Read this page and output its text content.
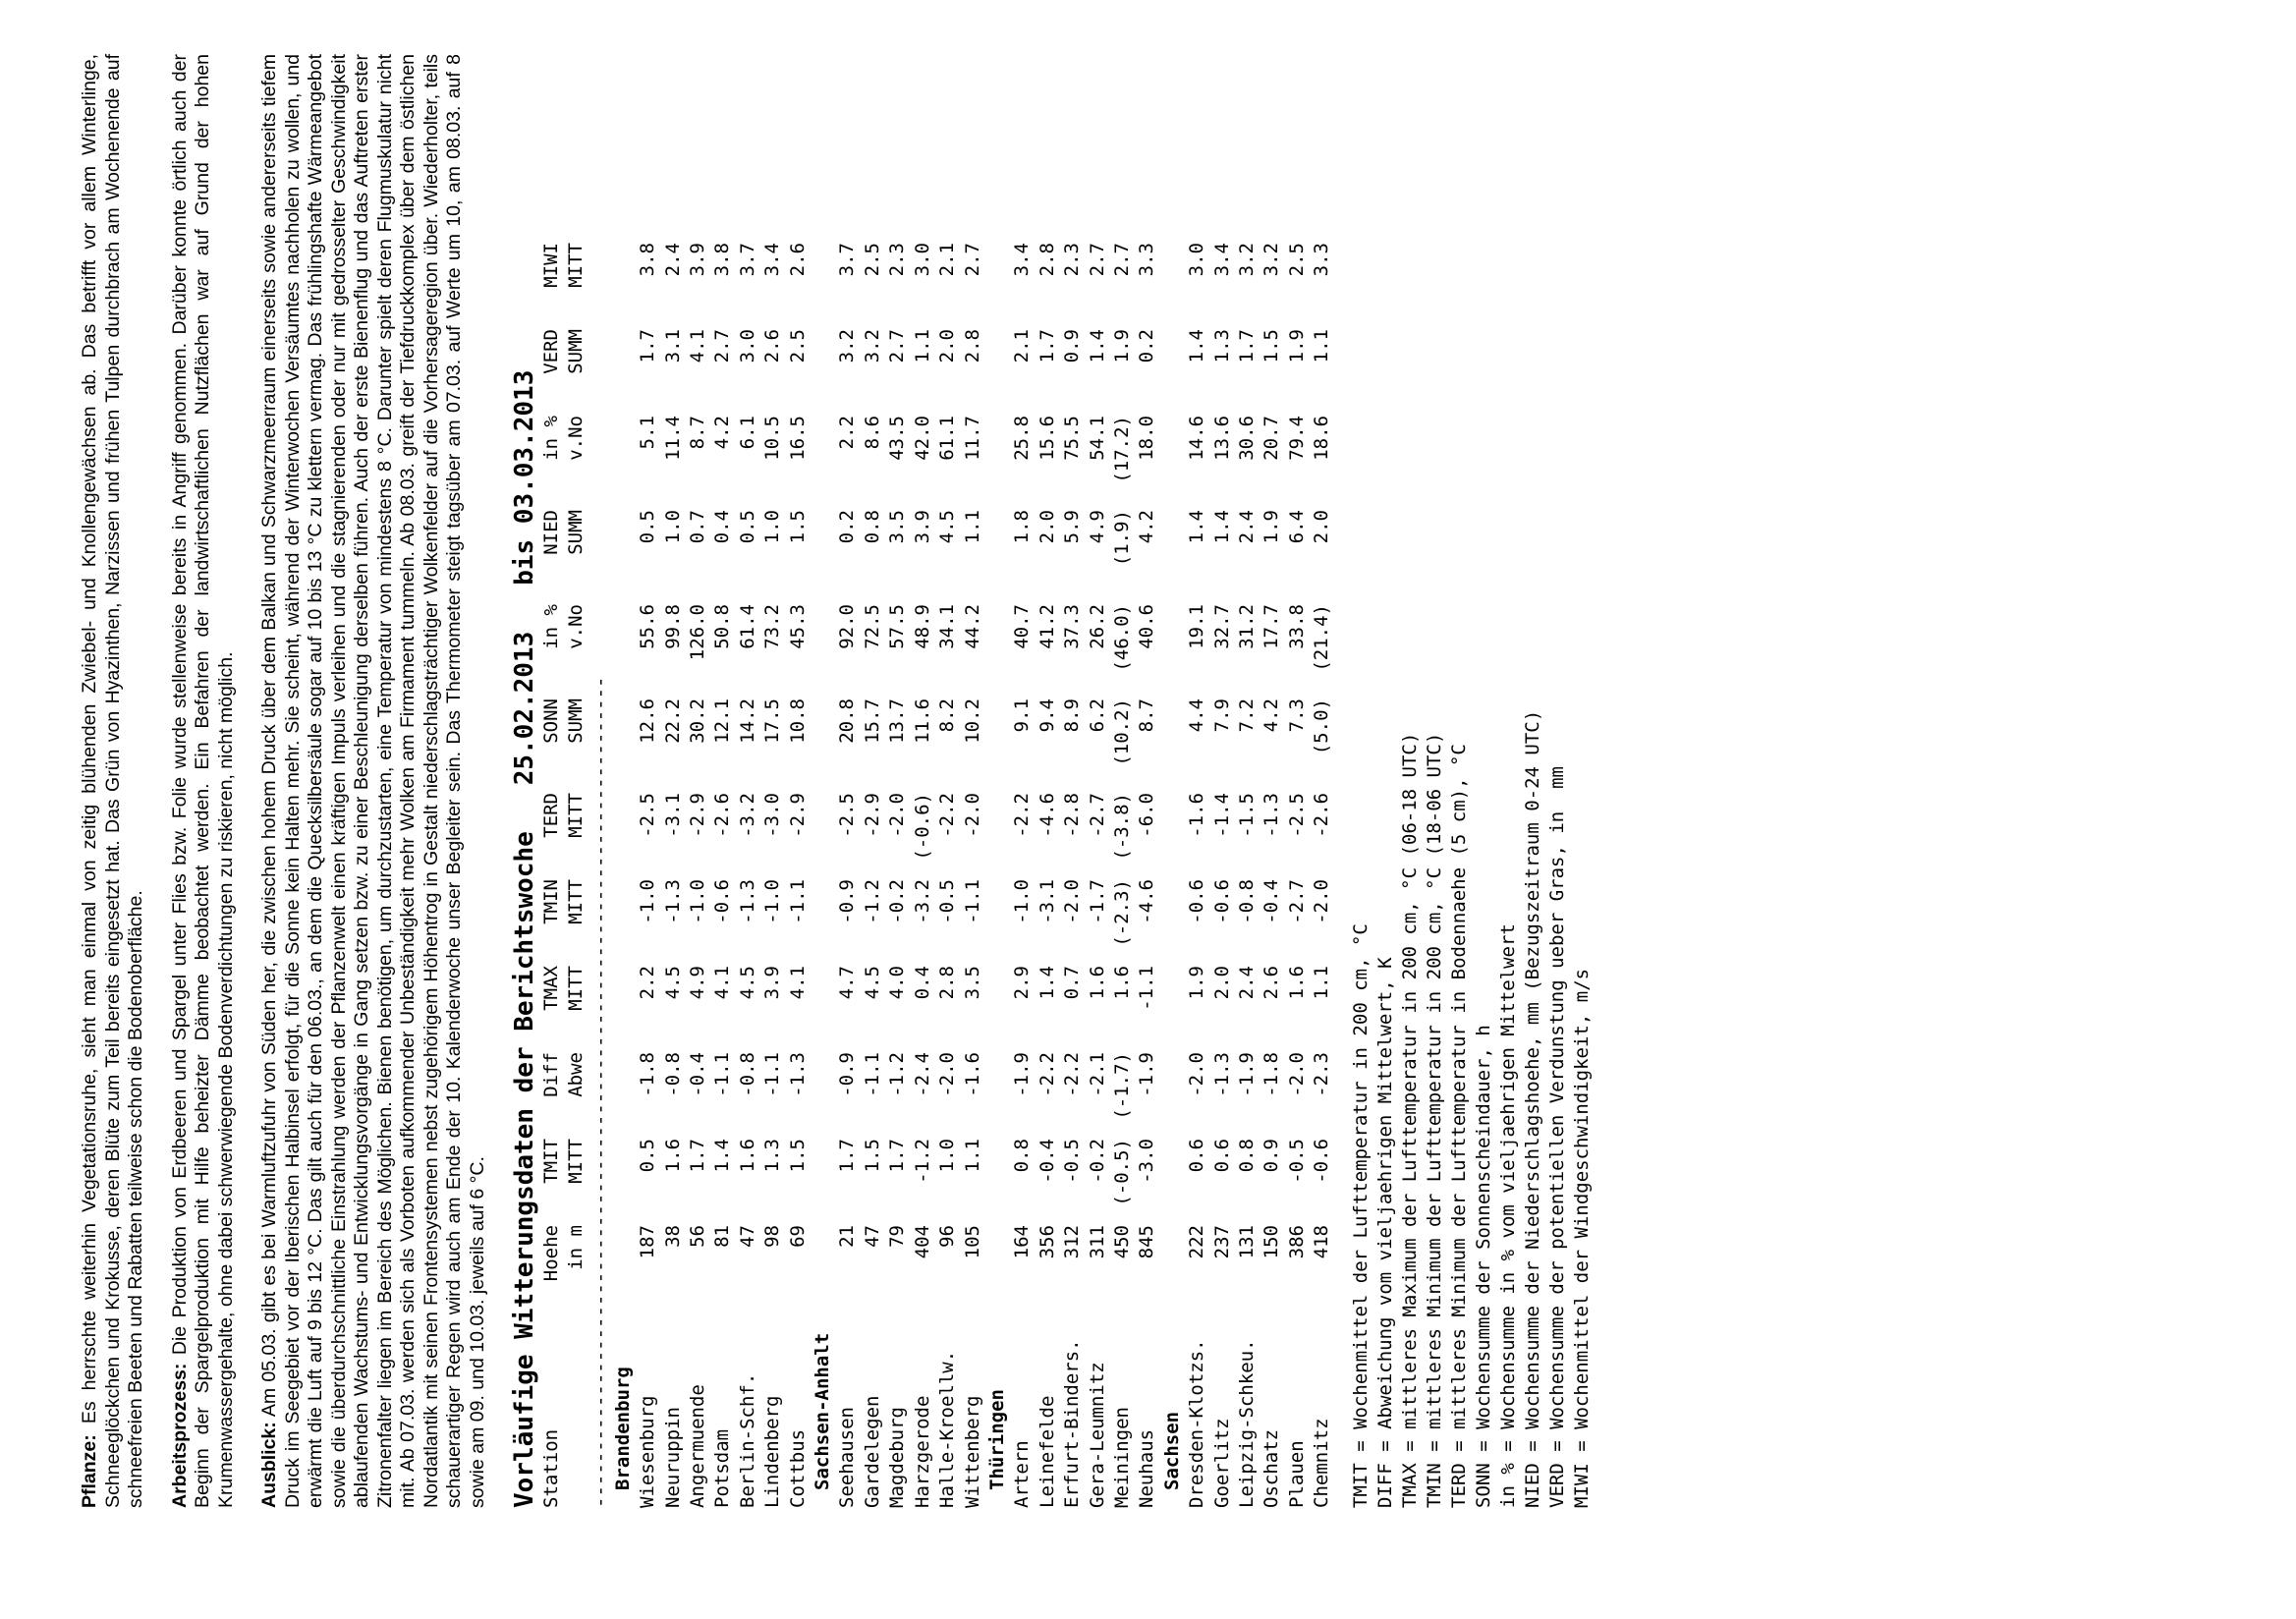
Pflanze: Es herrschte weiterhin Vegetationsruhe, sieht man einmal von zeitig blühenden Zwiebel- und Knollengewächsen ab. Das betrifft vor allem Winterlinge, Schneeglöckchen und Krokusse, deren Blüte zum Teil bereits eingesetzt hat. Das Grün von Hyazinthen, Narzissen und frühen Tulpen durchbrach am Wochenende auf schneefreien Beeten und Rabatten teilweise schon die Bodenoberfläche. Arbeitsprozess: Die Produktion von Erdbeeren und Spargel unter Flies bzw. Folie wurde stellenweise bereits in Angriff genommen. Darüber konnte örtlich auch der Beginn der Spargelproduktion mit Hilfe beheizter Dämme beobachtet werden. Ein Befahren der landwirtschaftlichen Nutzflächen war auf Grund der hohen Krumenwassergehalte, ohne dabei schwerwiegende Bodenverdichtungen zu riskieren, nicht möglich. Ausblick: Am 05.03. gibt es bei Warmluftzufuhr von Süden her, die zwischen hohem Druck über dem Balkan und Schwarzmeerraum einerseits sowie andererseits tiefem Druck im Seegebiet vor der Iberischen Halbinsel erfolgt, für die Sonne kein Halten mehr. Sie scheint, während der Winterwochen Versäumtes nachholen zu wollen, und erwärmt die Luft auf 9 bis 12 °C. Das gilt auch für den 06.03., an dem die Quecksilbersäule sogar auf 10 bis 13 °C zu klettern vermag. Das frühlingshafte Wärmeangebot sowie die überdurchschnittliche Einstrahlung werden der Pflanzenwelt einen kräftigen Impuls verleihen und die stagnierenden oder nur mit gedrosselter Geschwindigkeit ablaufenden Wachstums- und Entwicklungsvorgänge in Gang setzen bzw. zu einer Beschleunigung derselben führen. Auch der erste Bienenflug und das Auftreten erster Zitronenfalter liegen im Bereich des Möglichen. Bienen benötigen, um durchzustarten, eine Temperatur von mindestens 8 °C. Darunter spielt deren Flugmuskulatur nicht mit. Ab 07.03. werden sich als Vorboten aufkommender Unbeständigkeit mehr Wolken am Firmament tummeln. Ab 08.03. greift der Tiefdruckkomplex über dem östlichen Nordatlantik mit seinen Frontensystemen nebst zugehörigem Höhentrog in Gestalt niederschlagsträchtiger Wolkenfelder auf die Vorhersageregion über. Wiederholter, teils schauerartiger Regen wird auch am Ende der 10. Kalenderwoche unser Begleiter sein. Das Thermometer steigt tagsüber am 07.03. auf Werte um 10, am 08.03. auf 8 sowie am 09. und 10.03. jeweils auf 6 °C. Vorläufige Witterungsdaten der Berichtswoche   25.02.2013   bis 03.03.2013 Station	Hoehe	TMIT	Diff	TMAX	TMIN	TERD	SONN	in %	NIED	in %	VERD	MIWI
	in m	MITT	Abwe	MITT	MITT	MITT	SUMM	v.No	SUMM	v.No	SUMM	MITT
--------------------------------------------------------------------------												
Brandenburg												
Wiesenburg	187	0.5	-1.8	2.2	-1.0	-2.5	12.6	55.6	0.5	5.1	1.7	3.8
Neuruppin	38	1.6	-0.8	4.5	-1.3	-3.1	22.2	99.8	1.0	11.4	3.1	2.4
Angermuende	56	1.7	-0.4	4.9	-1.0	-2.9	30.2	126.0	0.7	8.7	4.1	3.9
Potsdam	81	1.4	-1.1	4.1	-0.6	-2.6	12.1	50.8	0.4	4.2	2.7	3.8
Berlin-Schf.	47	1.6	-0.8	4.5	-1.3	-3.2	14.2	61.4	0.5	6.1	3.0	3.7
Lindenberg	98	1.3	-1.1	3.9	-1.0	-3.0	17.5	73.2	1.0	10.5	2.6	3.4
Cottbus	69	1.5	-1.3	4.1	-1.1	-2.9	10.8	45.3	1.5	16.5	2.5	2.6
Sachsen-Anhalt												
Seehausen	21	1.7	-0.9	4.7	-0.9	-2.5	20.8	92.0	0.2	2.2	3.2	3.7
Gardelegen	47	1.5	-1.1	4.5	-1.2	-2.9	15.7	72.5	0.8	8.6	3.2	2.5
Magdeburg	79	1.7	-1.2	4.0	-0.2	-2.0	13.7	57.5	3.5	43.5	2.7	2.3
Harzgerode	404	-1.2	-2.4	0.4	-3.2	(-0.6)	11.6	48.9	3.9	42.0	1.1	3.0
Halle-Kroellw.	96	1.0	-2.0	2.8	-0.5	-2.2	8.2	34.1	4.5	61.1	2.0	2.1
Wittenberg	105	1.1	-1.6	3.5	-1.1	-2.0	10.2	44.2	1.1	11.7	2.8	2.7
Thüringen												
Artern	164	0.8	-1.9	2.9	-1.0	-2.2	9.1	40.7	1.8	25.8	2.1	3.4
Leinefelde	356	-0.4	-2.2	1.4	-3.1	-4.6	9.4	41.2	2.0	15.6	1.7	2.8
Erfurt-Binders.	312	-0.5	-2.2	0.7	-2.0	-2.8	8.9	37.3	5.9	75.5	0.9	2.3
Gera-Leumnitz	311	-0.2	-2.1	1.6	-1.7	-2.7	6.2	26.2	4.9	54.1	1.4	2.7
Meiningen	450	(-0.5)	(-1.7)	1.6	(-2.3)	(-3.8)	(10.2)	(46.0)	(1.9)	(17.2)	1.9	2.7
Neuhaus	845	-3.0	-1.9	-1.1	-4.6	-6.0	8.7	40.6	4.2	18.0	0.2	3.3
Sachsen												
Dresden-Klotzs.	222	0.6	-2.0	1.9	-0.6	-1.6	4.4	19.1	1.4	14.6	1.4	3.0
Goerlitz	237	0.6	-1.3	2.0	-0.6	-1.4	7.9	32.7	1.4	13.6	1.3	3.4
Leipzig-Schkeu.	131	0.8	-1.9	2.4	-0.8	-1.5	7.2	31.2	2.4	30.6	1.7	3.2
Oschatz	150	0.9	-1.8	2.6	-0.4	-1.3	4.2	17.7	1.9	20.7	1.5	3.2
Plauen	386	-0.5	-2.0	1.6	-2.7	-2.5	7.3	33.8	6.4	79.4	1.9	2.5
Chemnitz	418	-0.6	-2.3	1.1	-2.0	-2.6	(5.0)	(21.4)	2.0	18.6	1.1	3.3
TMIT = Wochenmittel der Lufttemperatur in 200 cm, °C DIFF = Abweichung vom vieljaehrigen Mittelwert, K TMAX = mittleres Maximum der Lufttemperatur in 200 cm, °C (06-18 UTC) TMIN = mittleres Minimum der Lufttemperatur in 200 cm, °C (18-06 UTC) TERD = mittleres Minimum der Lufttemperatur in Bodennaehe (5 cm), °C SONN = Wochensumme der Sonnenscheindauer, h in % = Wochensumme in % vom vieljaehrigen Mittelwert NIED = Wochensumme der Niederschlagshoehe, mm (Bezugszeitraum 0-24 UTC) VERD = Wochensumme der potentiellen Verdunstung ueber Gras, in  mm MIWI = Wochenmittel der Windgeschwindigkeit, m/s
